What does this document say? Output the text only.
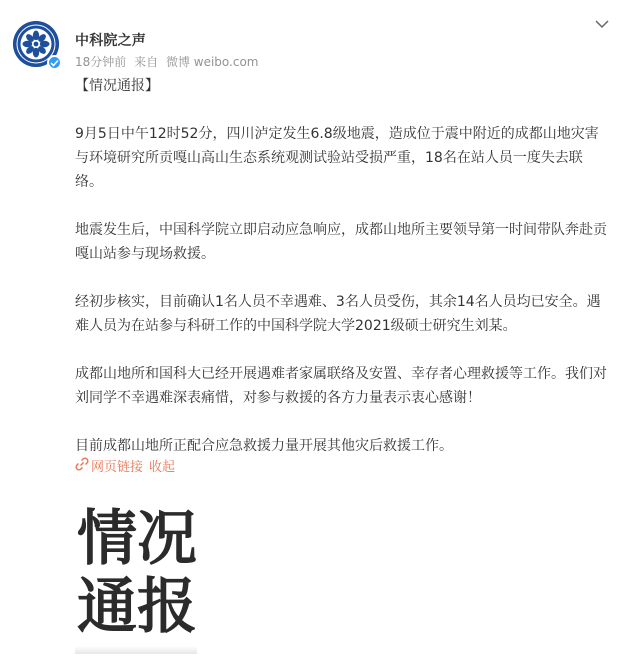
中科院之声
18分钟前 来自 微博 weibo.com

【情况通报】

9月5日中午12时52分，四川泸定发生6.8级地震，造成位于震中附近的成都山地灾害与环境研究所贡嘎山高山生态系统观测试验站受损严重，18名在站人员一度失去联络。

地震发生后，中国科学院立即启动应急响应，成都山地所主要领导第一时间带队奔赴贡嘎山站参与现场救援。

经初步核实，目前确认1名人员不幸遇难、3名人员受伤，其余14名人员均已安全。遇难人员为在站参与科研工作的中国科学院大学2021级硕士研究生刘某。

成都山地所和国科大已经开展遇难者家属联络及安置、幸存者心理救援等工作。我们对刘同学不幸遇难深表痛惜，对参与救援的各方力量表示衷心感谢！

目前成都山地所正配合应急救援力量开展其他灾后救援工作。

网页链接 收起
情 况
通 报
